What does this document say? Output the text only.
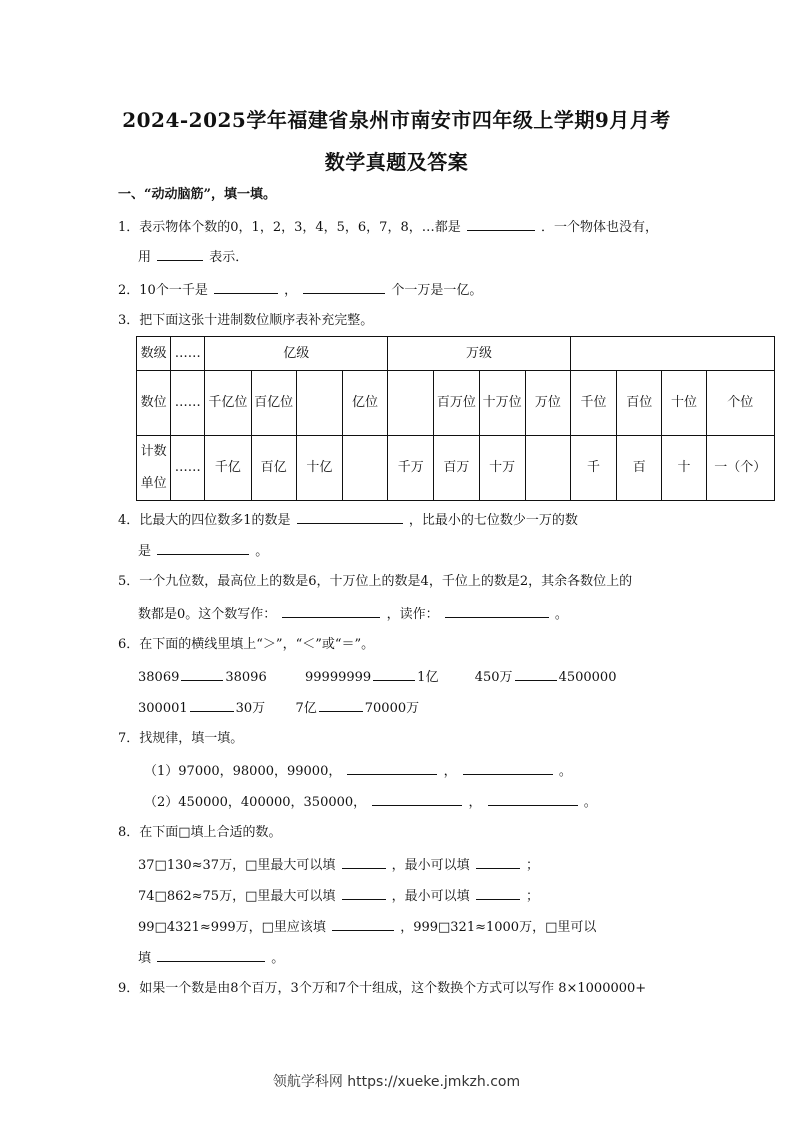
2024-2025学年福建省泉州市南安市四年级上学期9月月考
数学真题及答案
一、“动动脑筋”，填一填。
1．表示物体个数的0，1，2，3，4，5，6，7，8，…都是	．一个物体也没有，
用	表示．
2．10个一千是	，	个一万是一亿。
3．把下面这张十进制数位顺序表补充完整。
数级	……	亿级				万级							
数位	……	千亿位	百亿位		亿位		百万位	十万位	万位	千位	百位	十位	个位
计数单位	……	千亿	百亿	十亿		千万	百万	十万		千	百	十	一（个）
4．比最大的四位数多1的数是	，比最小的七位数少一万的数
是	。
5．一个九位数，最高位上的数是6，十万位上的数是4，千位上的数是2，其余各数位上的
数都是0。这个数写作：	，读作：	。
6．在下面的横线里填上“＞”，“＜”或“＝”。
38069	38096	99999999	1亿	450万	4500000
300001	30万 7亿	70000万
7．找规律，填一填。
（1）97000，98000，99000，	，	。
（2）450000，400000，350000，	，	。
8．在下面□填上合适的数。
37□130≈37万，□里最大可以填	，最小可以填	；
74□862≈75万，□里最大可以填	，最小可以填	；
99□4321≈999万，□里应该填	，999□321≈1000万，□里可以
填	。
9．如果一个数是由8个百万，3个万和7个十组成，这个数换个方式可以写作 8×1000000+
领航学科网 https://xueke.jmkzh.com
